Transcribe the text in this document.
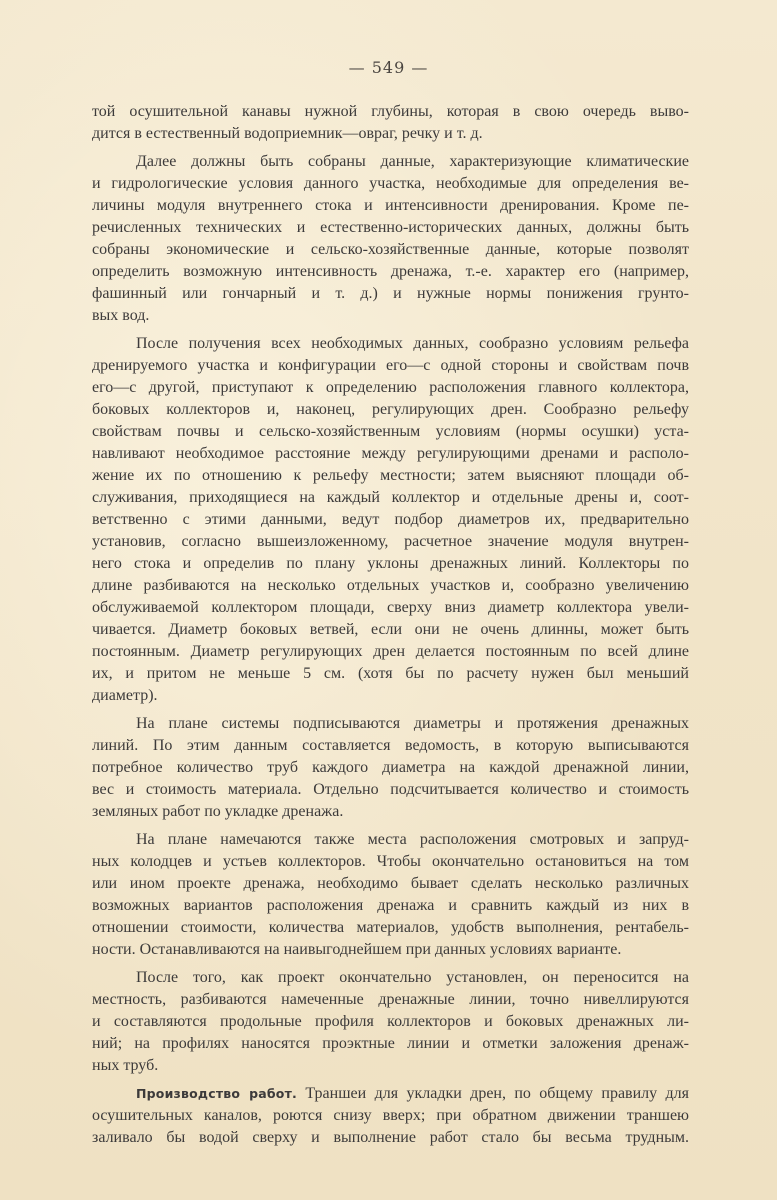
— 549 —
той осушительной канавы нужной глубины, которая в свою очередь выво-
дится в естественный водоприемник—овраг, речку и т. д.
Далее должны быть собраны данные, характеризующие климатические
и гидрологические условия данного участка, необходимые для определения ве-
личины модуля внутреннего стока и интенсивности дренирования. Кроме пе-
речисленных технических и естественно-исторических данных, должны быть
собраны экономические и сельско-хозяйственные данные, которые позволят
определить возможную интенсивность дренажа, т.-е. характер его (например,
фашинный или гончарный и т. д.) и нужные нормы понижения грунто-
вых вод.
После получения всех необходимых данных, сообразно условиям рельефа
дренируемого участка и конфигурации его—с одной стороны и свойствам почв
его—с другой, приступают к определению расположения главного коллектора,
боковых коллекторов и, наконец, регулирующих дрен. Сообразно рельефу
свойствам почвы и сельско-хозяйственным условиям (нормы осушки) уста-
навливают необходимое расстояние между регулирующими дренами и располо-
жение их по отношению к рельефу местности; затем выясняют площади об-
служивания, приходящиеся на каждый коллектор и отдельные дрены и, соот-
ветственно с этими данными, ведут подбор диаметров их, предварительно
установив, согласно вышеизложенному, расчетное значение модуля внутрен-
него стока и определив по плану уклоны дренажных линий. Коллекторы по
длине разбиваются на несколько отдельных участков и, сообразно увеличению
обслуживаемой коллектором площади, сверху вниз диаметр коллектора увели-
чивается. Диаметр боковых ветвей, если они не очень длинны, может быть
постоянным. Диаметр регулирующих дрен делается постоянным по всей длине
их, и притом не меньше 5 см. (хотя бы по расчету нужен был меньший
диаметр).
На плане системы подписываются диаметры и протяжения дренажных
линий. По этим данным составляется ведомость, в которую выписываются
потребное количество труб каждого диаметра на каждой дренажной линии,
вес и стоимость материала. Отдельно подсчитывается количество и стоимость
земляных работ по укладке дренажа.
На плане намечаются также места расположения смотровых и запруд-
ных колодцев и устьев коллекторов. Чтобы окончательно остановиться на том
или ином проекте дренажа, необходимо бывает сделать несколько различных
возможных вариантов расположения дренажа и сравнить каждый из них в
отношении стоимости, количества материалов, удобств выполнения, рентабель-
ности. Останавливаются на наивыгоднейшем при данных условиях варианте.
После того, как проект окончательно установлен, он переносится на
местность, разбиваются намеченные дренажные линии, точно нивеллируются
и составляются продольные профиля коллекторов и боковых дренажных ли-
ний; на профилях наносятся проэктные линии и отметки заложения дренаж-
ных труб.
Производство работ. Траншеи для укладки дрен, по общему правилу для
осушительных каналов, роются снизу вверх; при обратном движении траншею
заливало бы водой сверху и выполнение работ стало бы весьма трудным.
